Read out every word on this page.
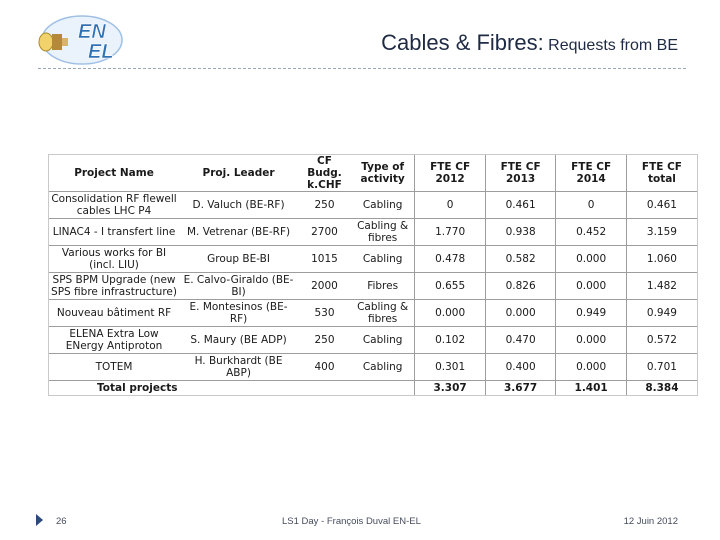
EN
EL	Cables & Fibres: Requests from BE
Project Name	Proj. Leader	CF Budg. k.CHF	Type of activity	FTE CF 2012	FTE CF 2013	FTE CF 2014	FTE CF total
Consolidation RF flewell cables LHC P4	D. Valuch (BE-RF)	250	Cabling	0	0.461	0	0.461
LINAC4 - I transfert line	M. Vetrenar (BE-RF)	2700	Cabling & fibres	1.770	0.938	0.452	3.159
Various works for BI (incl. LIU)	Group BE-BI	1015	Cabling	0.478	0.582	0.000	1.060
SPS BPM Upgrade (new SPS fibre infrastructure)	E. Calvo-Giraldo (BE-BI)	2000	Fibres	0.655	0.826	0.000	1.482
Nouveau bâtiment RF	E. Montesinos (BE-RF)	530	Cabling & fibres	0.000	0.000	0.949	0.949
ELENA Extra Low ENergy Antiproton	S. Maury (BE ADP)	250	Cabling	0.102	0.470	0.000	0.572
TOTEM	H. Burkhardt (BE ABP)	400	Cabling	0.301	0.400	0.000	0.701
Total projects				3.307	3.677	1.401	8.384
26	LS1 Day - François Duval EN-EL	12 Juin 2012
